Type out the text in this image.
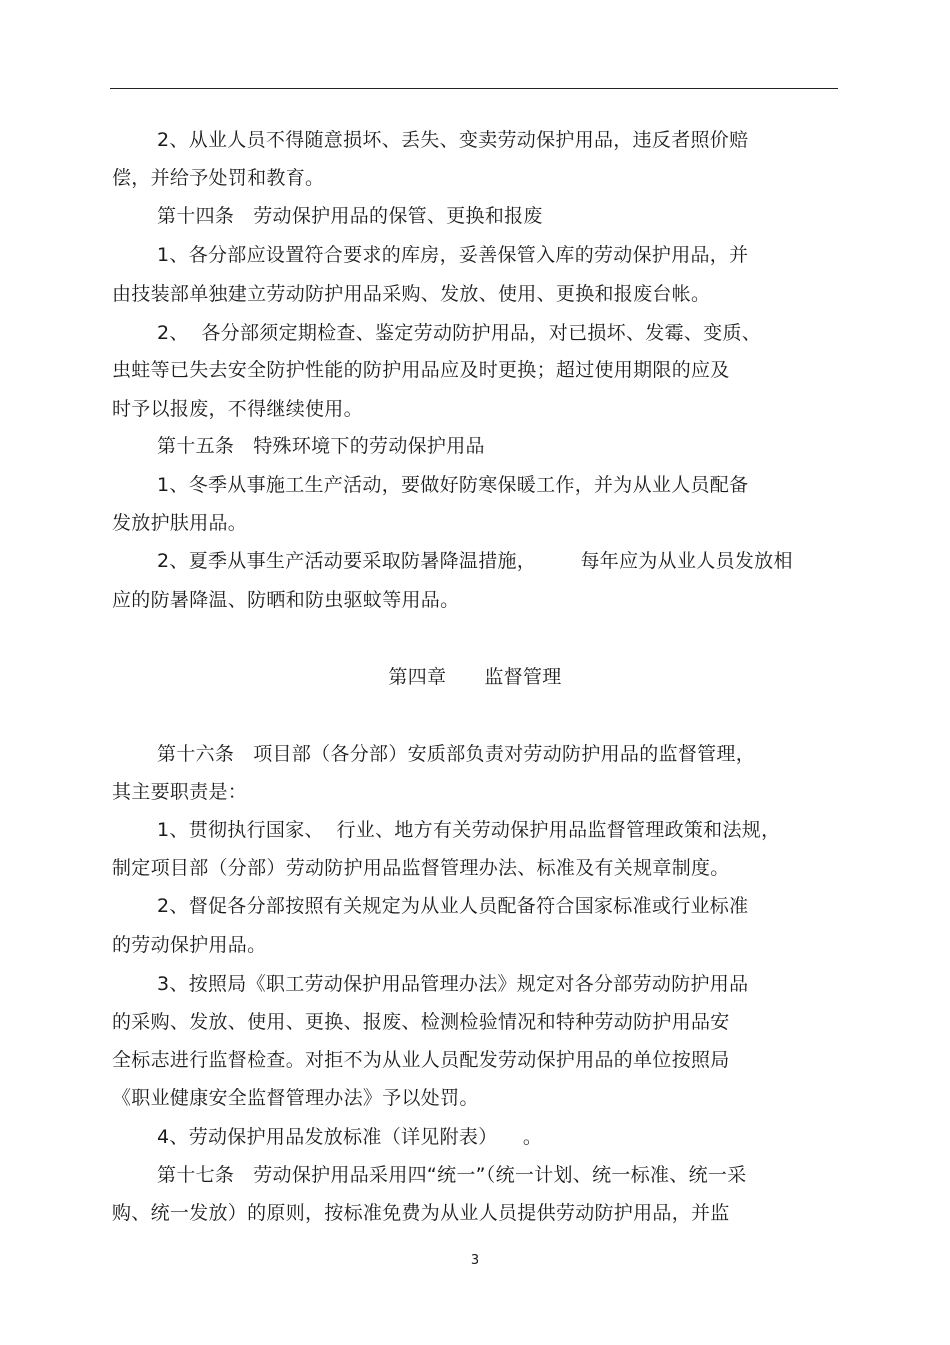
2、从业人员不得随意损坏、丢失、变卖劳动保护用品，违反者照价赔
偿，并给予处罚和教育。
第十四条   劳动保护用品的保管、更换和报废
1、各分部应设置符合要求的库房，妥善保管入库的劳动保护用品，并
由技装部单独建立劳动防护用品采购、发放、使用、更换和报废台帐。
2、  各分部须定期检查、鉴定劳动防护用品，对已损坏、发霉、变质、
虫蛀等已失去安全防护性能的防护用品应及时更换；超过使用期限的应及
时予以报废，不得继续使用。
第十五条   特殊环境下的劳动保护用品
1、冬季从事施工生产活动，要做好防寒保暖工作，并为从业人员配备
发放护肤用品。
2、夏季从事生产活动要采取防暑降温措施，       每年应为从业人员发放相
应的防暑降温、防晒和防虫驱蚊等用品。
第四章      监督管理
第十六条   项目部（各分部）安质部负责对劳动防护用品的监督管理，
其主要职责是：
1、贯彻执行国家、  行业、地方有关劳动保护用品监督管理政策和法规，
制定项目部（分部）劳动防护用品监督管理办法、标准及有关规章制度。
2、督促各分部按照有关规定为从业人员配备符合国家标准或行业标准
的劳动保护用品。
3、按照局《职工劳动保护用品管理办法》规定对各分部劳动防护用品
的采购、发放、使用、更换、报废、检测检验情况和特种劳动防护用品安
全标志进行监督检查。对拒不为从业人员配发劳动保护用品的单位按照局
《职业健康安全监督管理办法》予以处罚。
4、劳动保护用品发放标准（详见附表）    。
第十七条   劳动保护用品采用四“统一”（统一计划、统一标准、统一采
购、统一发放）的原则，按标准免费为从业人员提供劳动防护用品，并监
3
